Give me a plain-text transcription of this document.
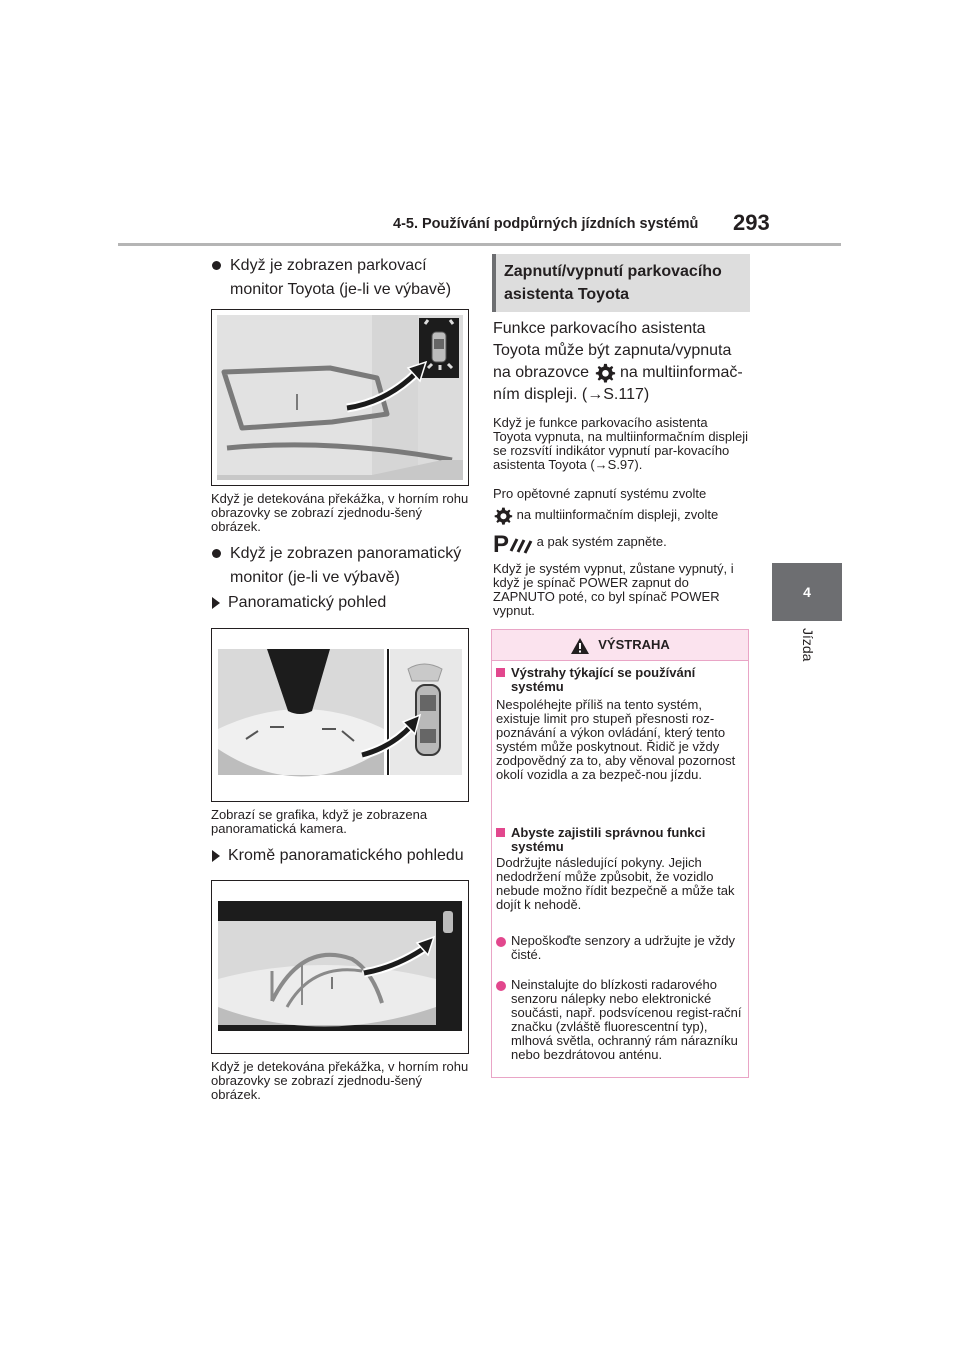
4-5. Používání podpůrných jízdních systémů 293
4
Jízda
Když je zobrazen parkovací monitor Toyota (je-li ve výbavě)
Když je detekována překážka, v horním rohu obrazovky se zobrazí zjednodu-šený obrázek.
Když je zobrazen panoramatický monitor (je-li ve výbavě)
Panoramatický pohled
Zobrazí se grafika, když je zobrazena panoramatická kamera.
Kromě panoramatického pohledu
Když je detekována překážka, v horním rohu obrazovky se zobrazí zjednodu-šený obrázek.
Zapnutí/vypnutí parkovacího asistenta Toyota
Funkce parkovacího asistenta Toyota může být zapnuta/vypnuta na obrazovce na multiinformač-ním displeji. (→S.117)
Když je funkce parkovacího asistenta Toyota vypnuta, na multiinformačním displeji se rozsvítí indikátor vypnutí par-kovacího asistenta Toyota (→S.97).
Pro opětovné zapnutí systému zvolte
na multiinformačním displeji, zvolte
P a pak systém zapněte.
Když je systém vypnut, zůstane vypnutý, i když je spínač POWER zapnut do ZAPNUTO poté, co byl spínač POWER vypnut.
VÝSTRAHA
Výstrahy týkající se používání systému
Nespoléhejte příliš na tento systém, existuje limit pro stupeň přesnosti roz-poznávání a výkon ovládání, který tento systém může poskytnout. Řidič je vždy zodpovědný za to, aby věnoval pozornost okolí vozidla a za bezpeč-nou jízdu.
Abyste zajistili správnou funkci systému
Dodržujte následující pokyny. Jejich nedodržení může způsobit, že vozidlo nebude možno řídit bezpečně a může tak dojít k nehodě.
Nepoškoďte senzory a udržujte je vždy čisté.
Neinstalujte do blízkosti radarového senzoru nálepky nebo elektronické součásti, např. podsvícenou regist-rační značku (zvláště fluorescentní typ), mlhová světla, ochranný rám nárazníku nebo bezdrátovou anténu.
